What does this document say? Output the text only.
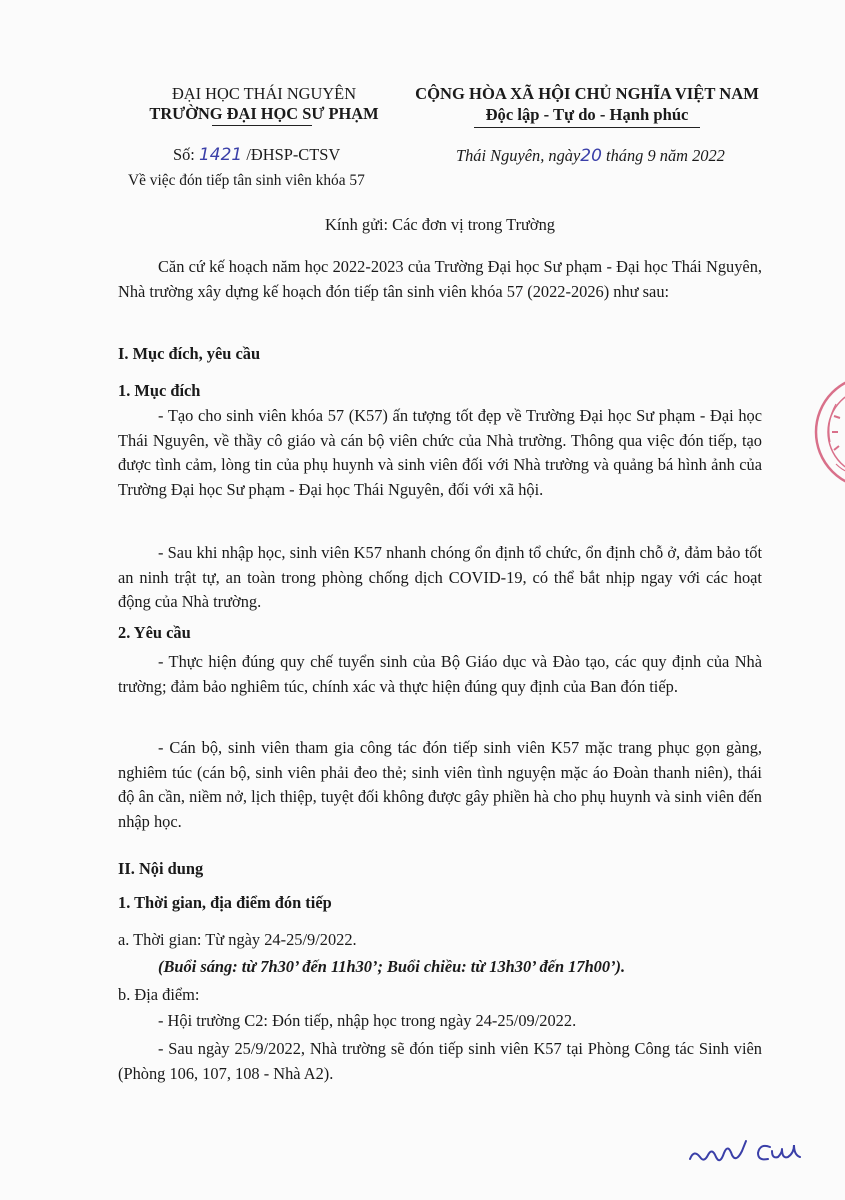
ĐẠI HỌC THÁI NGUYÊN
TRƯỜNG ĐẠI HỌC SƯ PHẠM
CỘNG HÒA XÃ HỘI CHỦ NGHĨA VIỆT NAM
Độc lập - Tự do - Hạnh phúc
Số: 1421 /ĐHSP-CTSV	Thái Nguyên, ngày20 tháng 9 năm 2022
Về việc đón tiếp tân sinh viên khóa 57
Kính gửi: Các đơn vị trong Trường
Căn cứ kế hoạch năm học 2022-2023 của Trường Đại học Sư phạm - Đại học Thái Nguyên, Nhà trường xây dựng kế hoạch đón tiếp tân sinh viên khóa 57 (2022-2026) như sau:
I. Mục đích, yêu cầu
1. Mục đích
- Tạo cho sinh viên khóa 57 (K57) ấn tượng tốt đẹp về Trường Đại học Sư phạm - Đại học Thái Nguyên, về thầy cô giáo và cán bộ viên chức của Nhà trường. Thông qua việc đón tiếp, tạo được tình cảm, lòng tin của phụ huynh và sinh viên đối với Nhà trường và quảng bá hình ảnh của Trường Đại học Sư phạm - Đại học Thái Nguyên, đối với xã hội.
- Sau khi nhập học, sinh viên K57 nhanh chóng ổn định tổ chức, ổn định chỗ ở, đảm bảo tốt an ninh trật tự, an toàn trong phòng chống dịch COVID-19, có thể bắt nhịp ngay với các hoạt động của Nhà trường.
2. Yêu cầu
- Thực hiện đúng quy chế tuyển sinh của Bộ Giáo dục và Đào tạo, các quy định của Nhà trường; đảm bảo nghiêm túc, chính xác và thực hiện đúng quy định của Ban đón tiếp.
- Cán bộ, sinh viên tham gia công tác đón tiếp sinh viên K57 mặc trang phục gọn gàng, nghiêm túc (cán bộ, sinh viên phải đeo thẻ; sinh viên tình nguyện mặc áo Đoàn thanh niên), thái độ ân cần, niềm nở, lịch thiệp, tuyệt đối không được gây phiền hà cho phụ huynh và sinh viên đến nhập học.
II. Nội dung
1. Thời gian, địa điểm đón tiếp
a. Thời gian: Từ ngày 24-25/9/2022.
(Buổi sáng: từ 7h30’ đến 11h30’; Buổi chiều: từ 13h30’ đến 17h00’).
b. Địa điểm:
- Hội trường C2: Đón tiếp, nhập học trong ngày 24-25/09/2022.
- Sau ngày 25/9/2022, Nhà trường sẽ đón tiếp sinh viên K57 tại Phòng Công tác Sinh viên (Phòng 106, 107, 108 - Nhà A2).
